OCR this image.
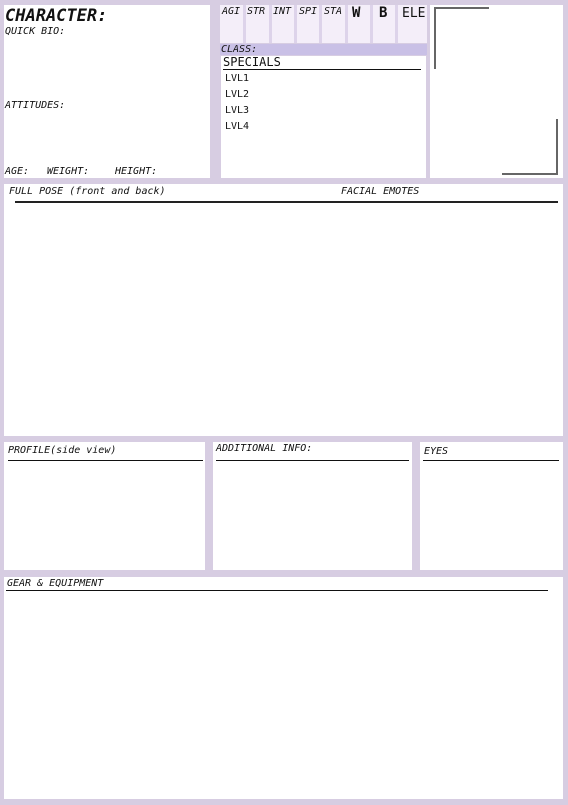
CHARACTER:
QUICK BIO:
ATTITUDES:
AGE: WEIGHT:	HEIGHT:
AGI STR INT SPI STA W B ELE
CLASS:
SPECIALS
LVL1
LVL2
LVL3
LVL4
FULL POSE (front and back)	FACIAL EMOTES
PROFILE(side view)	ADDITIONAL INFO:	EYES
GEAR & EQUIPMENT
